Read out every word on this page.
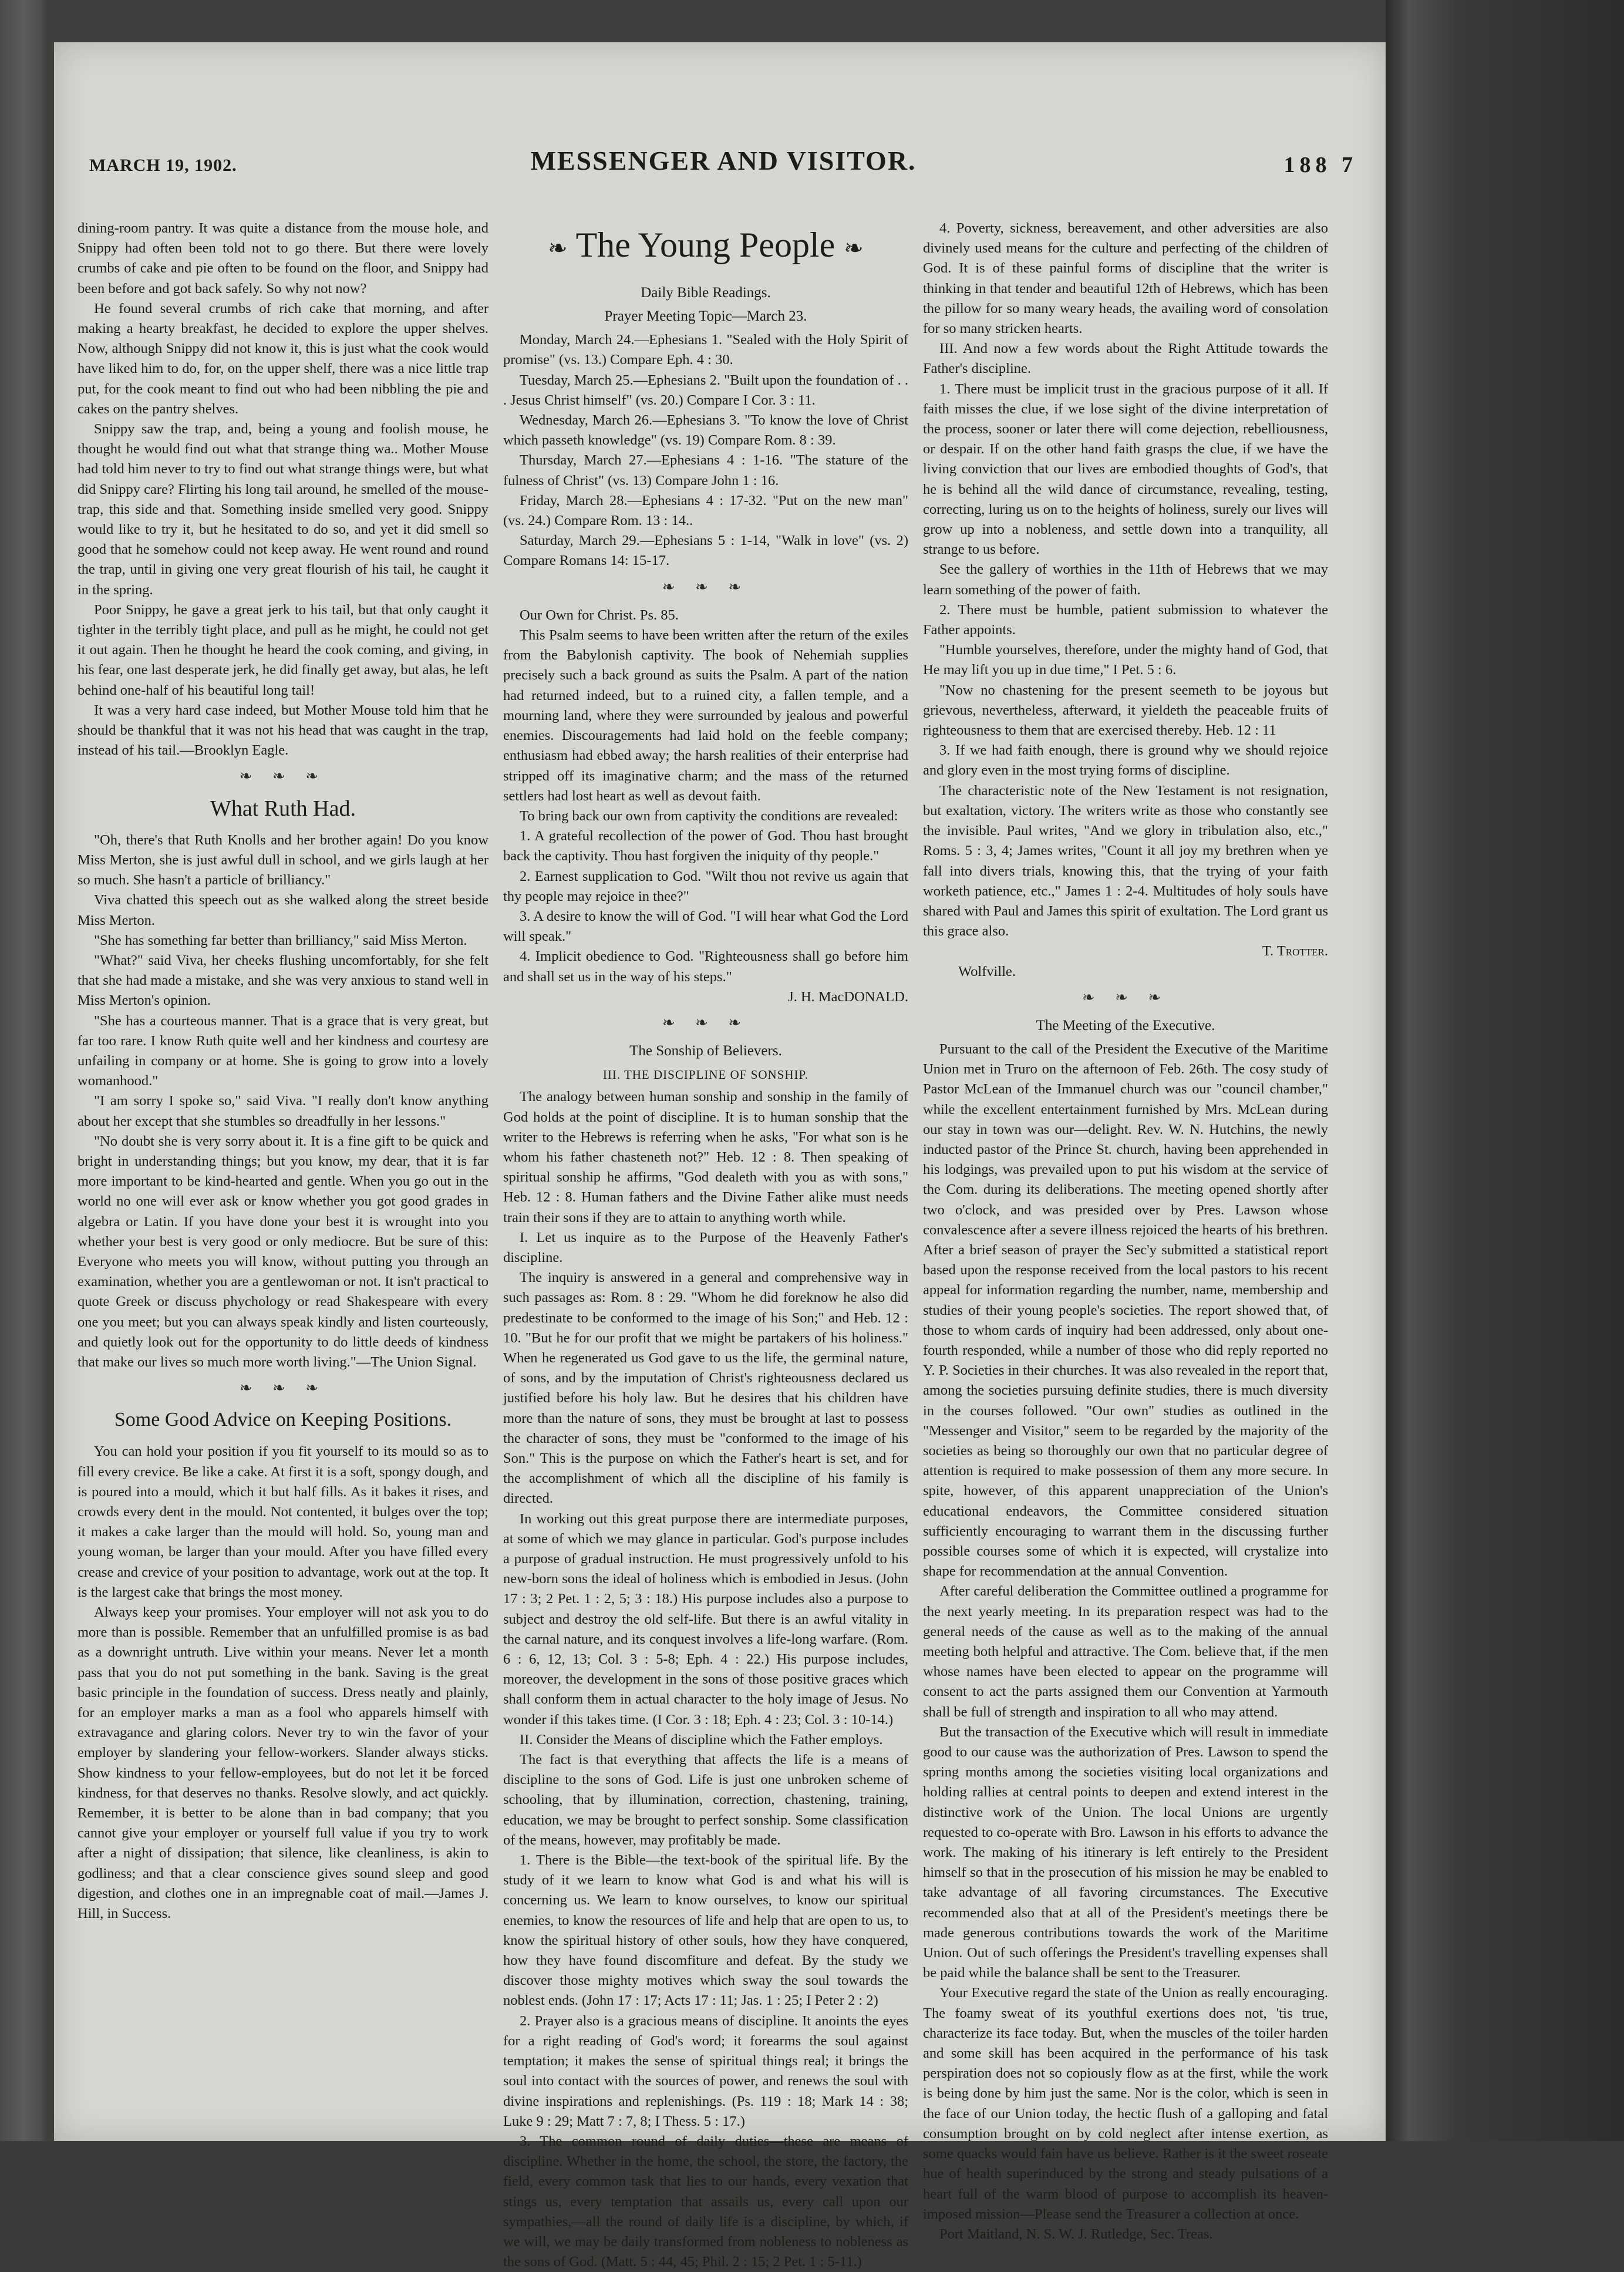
MARCH 19, 1902.	MESSENGER AND VISITOR.	188 7

dining-room pantry. It was quite a distance from the mouse hole, and Snippy had often been told not to go there. But there were lovely crumbs of cake and pie often to be found on the floor, and Snippy had been before and got back safely. So why not now?

He found several crumbs of rich cake that morning, and after making a hearty breakfast, he decided to explore the upper shelves. Now, although Snippy did not know it, this is just what the cook would have liked him to do, for, on the upper shelf, there was a nice little trap put, for the cook meant to find out who had been nibbling the pie and cakes on the pantry shelves.

Snippy saw the trap, and, being a young and foolish mouse, he thought he would find out what that strange thing wa.. Mother Mouse had told him never to try to find out what strange things were, but what did Snippy care? Flirting his long tail around, he smelled of the mouse-trap, this side and that. Something inside smelled very good. Snippy would like to try it, but he hesitated to do so, and yet it did smell so good that he somehow could not keep away. He went round and round the trap, until in giving one very great flourish of his tail, he caught it in the spring.

Poor Snippy, he gave a great jerk to his tail, but that only caught it tighter in the terribly tight place, and pull as he might, he could not get it out again. Then he thought he heard the cook coming, and giving, in his fear, one last desperate jerk, he did finally get away, but alas, he left behind one-half of his beautiful long tail!

It was a very hard case indeed, but Mother Mouse told him that he should be thankful that it was not his head that was caught in the trap, instead of his tail.—Brooklyn Eagle.

❧ ❧ ❧
What Ruth Had.

"Oh, there's that Ruth Knolls and her brother again! Do you know Miss Merton, she is just awful dull in school, and we girls laugh at her so much. She hasn't a particle of brilliancy."

Viva chatted this speech out as she walked along the street beside Miss Merton.

"She has something far better than brilliancy," said Miss Merton.

"What?" said Viva, her cheeks flushing uncomfortably, for she felt that she had made a mistake, and she was very anxious to stand well in Miss Merton's opinion.

"She has a courteous manner. That is a grace that is very great, but far too rare. I know Ruth quite well and her kindness and courtesy are unfailing in company or at home. She is going to grow into a lovely womanhood."

"I am sorry I spoke so," said Viva. "I really don't know anything about her except that she stumbles so dreadfully in her lessons."

"No doubt she is very sorry about it. It is a fine gift to be quick and bright in understanding things; but you know, my dear, that it is far more important to be kind-hearted and gentle. When you go out in the world no one will ever ask or know whether you got good grades in algebra or Latin. If you have done your best it is wrought into you whether your best is very good or only mediocre. But be sure of this: Everyone who meets you will know, without putting you through an examination, whether you are a gentlewoman or not. It isn't practical to quote Greek or discuss phychology or read Shakespeare with every one you meet; but you can always speak kindly and listen courteously, and quietly look out for the opportunity to do little deeds of kindness that make our lives so much more worth living."—The Union Signal.

❧ ❧ ❧
Some Good Advice on Keeping Positions.

You can hold your position if you fit yourself to its mould so as to fill every crevice. Be like a cake. At first it is a soft, spongy dough, and is poured into a mould, which it but half fills. As it bakes it rises, and crowds every dent in the mould. Not contented, it bulges over the top; it makes a cake larger than the mould will hold. So, young man and young woman, be larger than your mould. After you have filled every crease and crevice of your position to advantage, work out at the top. It is the largest cake that brings the most money.

Always keep your promises. Your employer will not ask you to do more than is possible. Remember that an unfulfilled promise is as bad as a downright untruth. Live within your means. Never let a month pass that you do not put something in the bank. Saving is the great basic principle in the foundation of success. Dress neatly and plainly, for an employer marks a man as a fool who apparels himself with extravagance and glaring colors. Never try to win the favor of your employer by slandering your fellow-workers. Slander always sticks. Show kindness to your fellow-employees, but do not let it be forced kindness, for that deserves no thanks. Resolve slowly, and act quickly. Remember, it is better to be alone than in bad company; that you cannot give your employer or yourself full value if you try to work after a night of dissipation; that silence, like cleanliness, is akin to godliness; and that a clear conscience gives sound sleep and good digestion, and clothes one in an impregnable coat of mail.—James J. Hill, in Success.

❧ The Young People ❧
Daily Bible Readings.
Prayer Meeting Topic—March 23.

Monday, March 24.—Ephesians 1. "Sealed with the Holy Spirit of promise" (vs. 13.) Compare Eph. 4 : 30.

Tuesday, March 25.—Ephesians 2. "Built upon the foundation of . . . Jesus Christ himself" (vs. 20.) Compare I Cor. 3 : 11.

Wednesday, March 26.—Ephesians 3. "To know the love of Christ which passeth knowledge" (vs. 19) Compare Rom. 8 : 39.

Thursday, March 27.—Ephesians 4 : 1-16. "The stature of the fulness of Christ" (vs. 13) Compare John 1 : 16.

Friday, March 28.—Ephesians 4 : 17-32. "Put on the new man" (vs. 24.) Compare Rom. 13 : 14..

Saturday, March 29.—Ephesians 5 : 1-14, "Walk in love" (vs. 2) Compare Romans 14: 15-17.

❧ ❧ ❧

Our Own for Christ. Ps. 85.

This Psalm seems to have been written after the return of the exiles from the Babylonish captivity. The book of Nehemiah supplies precisely such a back ground as suits the Psalm. A part of the nation had returned indeed, but to a ruined city, a fallen temple, and a mourning land, where they were surrounded by jealous and powerful enemies. Discouragements had laid hold on the feeble company; enthusiasm had ebbed away; the harsh realities of their enterprise had stripped off its imaginative charm; and the mass of the returned settlers had lost heart as well as devout faith.

To bring back our own from captivity the conditions are revealed:

1. A grateful recollection of the power of God. Thou hast brought back the captivity. Thou hast forgiven the iniquity of thy people."

2. Earnest supplication to God. "Wilt thou not revive us again that thy people may rejoice in thee?"

3. A desire to know the will of God. "I will hear what God the Lord will speak."

4. Implicit obedience to God. "Righteousness shall go before him and shall set us in the way of his steps."

J. H. MacDONALD.

❧ ❧ ❧
The Sonship of Believers.
III. THE DISCIPLINE OF SONSHIP.

The analogy between human sonship and sonship in the family of God holds at the point of discipline. It is to human sonship that the writer to the Hebrews is referring when he asks, "For what son is he whom his father chasteneth not?" Heb. 12 : 8. Then speaking of spiritual sonship he affirms, "God dealeth with you as with sons," Heb. 12 : 8. Human fathers and the Divine Father alike must needs train their sons if they are to attain to anything worth while.

I. Let us inquire as to the Purpose of the Heavenly Father's discipline.

The inquiry is answered in a general and comprehensive way in such passages as: Rom. 8 : 29. "Whom he did foreknow he also did predestinate to be conformed to the image of his Son;" and Heb. 12 : 10. "But he for our profit that we might be partakers of his holiness." When he regenerated us God gave to us the life, the germinal nature, of sons, and by the imputation of Christ's righteousness declared us justified before his holy law. But he desires that his children have more than the nature of sons, they must be brought at last to possess the character of sons, they must be "conformed to the image of his Son." This is the purpose on which the Father's heart is set, and for the accomplishment of which all the discipline of his family is directed.

In working out this great purpose there are intermediate purposes, at some of which we may glance in particular. God's purpose includes a purpose of gradual instruction. He must progressively unfold to his new-born sons the ideal of holiness which is embodied in Jesus. (John 17 : 3; 2 Pet. 1 : 2, 5; 3 : 18.) His purpose includes also a purpose to subject and destroy the old self-life. But there is an awful vitality in the carnal nature, and its conquest involves a life-long warfare. (Rom. 6 : 6, 12, 13; Col. 3 : 5-8; Eph. 4 : 22.) His purpose includes, moreover, the development in the sons of those positive graces which shall conform them in actual character to the holy image of Jesus. No wonder if this takes time. (I Cor. 3 : 18; Eph. 4 : 23; Col. 3 : 10-14.)

II. Consider the Means of discipline which the Father employs.

The fact is that everything that affects the life is a means of discipline to the sons of God. Life is just one unbroken scheme of schooling, that by illumination, correction, chastening, training, education, we may be brought to perfect sonship. Some classification of the means, however, may profitably be made.

1. There is the Bible—the text-book of the spiritual life. By the study of it we learn to know what God is and what his will is concerning us. We learn to know ourselves, to know our spiritual enemies, to know the resources of life and help that are open to us, to know the spiritual history of other souls, how they have conquered, how they have found discomfiture and defeat. By the study we discover those mighty motives which sway the soul towards the noblest ends. (John 17 : 17; Acts 17 : 11; Jas. 1 : 25; I Peter 2 : 2)

2. Prayer also is a gracious means of discipline. It anoints the eyes for a right reading of God's word; it forearms the soul against temptation; it makes the sense of spiritual things real; it brings the soul into contact with the sources of power, and renews the soul with divine inspirations and replenishings. (Ps. 119 : 18; Mark 14 : 38; Luke 9 : 29; Matt 7 : 7, 8; I Thess. 5 : 17.)

3. The common round of daily duties—these are means of discipline. Whether in the home, the school, the store, the factory, the field, every common task that lies to our hands, every vexation that stings us, every temptation that assails us, every call upon our sympathies,—all the round of daily life is a discipline, by which, if we will, we may be daily transformed from nobleness to nobleness as the sons of God. (Matt. 5 : 44, 45; Phil. 2 : 15; 2 Pet. 1 : 5-11.)

4. Poverty, sickness, bereavement, and other adversities are also divinely used means for the culture and perfecting of the children of God. It is of these painful forms of discipline that the writer is thinking in that tender and beautiful 12th of Hebrews, which has been the pillow for so many weary heads, the availing word of consolation for so many stricken hearts.

III. And now a few words about the Right Attitude towards the Father's discipline.

1. There must be implicit trust in the gracious purpose of it all. If faith misses the clue, if we lose sight of the divine interpretation of the process, sooner or later there will come dejection, rebelliousness, or despair. If on the other hand faith grasps the clue, if we have the living conviction that our lives are embodied thoughts of God's, that he is behind all the wild dance of circumstance, revealing, testing, correcting, luring us on to the heights of holiness, surely our lives will grow up into a nobleness, and settle down into a tranquility, all strange to us before.

See the gallery of worthies in the 11th of Hebrews that we may learn something of the power of faith.

2. There must be humble, patient submission to whatever the Father appoints.

"Humble yourselves, therefore, under the mighty hand of God, that He may lift you up in due time," I Pet. 5 : 6.

"Now no chastening for the present seemeth to be joyous but grievous, nevertheless, afterward, it yieldeth the peaceable fruits of righteousness to them that are exercised thereby. Heb. 12 : 11

3. If we had faith enough, there is ground why we should rejoice and glory even in the most trying forms of discipline.

The characteristic note of the New Testament is not resignation, but exaltation, victory. The writers write as those who constantly see the invisible. Paul writes, "And we glory in tribulation also, etc.," Roms. 5 : 3, 4; James writes, "Count it all joy my brethren when ye fall into divers trials, knowing this, that the trying of your faith worketh patience, etc.," James 1 : 2-4. Multitudes of holy souls have shared with Paul and James this spirit of exultation. The Lord grant us this grace also.

T. Trotter.

Wolfville.

❧ ❧ ❧
The Meeting of the Executive.

Pursuant to the call of the President the Executive of the Maritime Union met in Truro on the afternoon of Feb. 26th. The cosy study of Pastor McLean of the Immanuel church was our "council chamber," while the excellent entertainment furnished by Mrs. McLean during our stay in town was our—delight. Rev. W. N. Hutchins, the newly inducted pastor of the Prince St. church, having been apprehended in his lodgings, was prevailed upon to put his wisdom at the service of the Com. during its deliberations. The meeting opened shortly after two o'clock, and was presided over by Pres. Lawson whose convalescence after a severe illness rejoiced the hearts of his brethren. After a brief season of prayer the Sec'y submitted a statistical report based upon the response received from the local pastors to his recent appeal for information regarding the number, name, membership and studies of their young people's societies. The report showed that, of those to whom cards of inquiry had been addressed, only about one-fourth responded, while a number of those who did reply reported no Y. P. Societies in their churches. It was also revealed in the report that, among the societies pursuing definite studies, there is much diversity in the courses followed. "Our own" studies as outlined in the "Messenger and Visitor," seem to be regarded by the majority of the societies as being so thoroughly our own that no particular degree of attention is required to make possession of them any more secure. In spite, however, of this apparent unappreciation of the Union's educational endeavors, the Committee considered situation sufficiently encouraging to warrant them in the discussing further possible courses some of which it is expected, will crystalize into shape for recommendation at the annual Convention.

After careful deliberation the Committee outlined a programme for the next yearly meeting. In its preparation respect was had to the general needs of the cause as well as to the making of the annual meeting both helpful and attractive. The Com. believe that, if the men whose names have been elected to appear on the programme will consent to act the parts assigned them our Convention at Yarmouth shall be full of strength and inspiration to all who may attend.

But the transaction of the Executive which will result in immediate good to our cause was the authorization of Pres. Lawson to spend the spring months among the societies visiting local organizations and holding rallies at central points to deepen and extend interest in the distinctive work of the Union. The local Unions are urgently requested to co-operate with Bro. Lawson in his efforts to advance the work. The making of his itinerary is left entirely to the President himself so that in the prosecution of his mission he may be enabled to take advantage of all favoring circumstances. The Executive recommended also that at all of the President's meetings there be made generous contributions towards the work of the Maritime Union. Out of such offerings the President's travelling expenses shall be paid while the balance shall be sent to the Treasurer.

Your Executive regard the state of the Union as really encouraging. The foamy sweat of its youthful exertions does not, 'tis true, characterize its face today. But, when the muscles of the toiler harden and some skill has been acquired in the performance of his task perspiration does not so copiously flow as at the first, while the work is being done by him just the same. Nor is the color, which is seen in the face of our Union today, the hectic flush of a galloping and fatal consumption brought on by cold neglect after intense exertion, as some quacks would fain have us believe. Rather is it the sweet roseate hue of health superinduced by the strong and steady pulsations of a heart full of the warm blood of purpose to accomplish its heaven-imposed mission—Please send the Treasurer a collection at once.

Port Maitland, N. S. W. J. Rutledge, Sec. Treas.
